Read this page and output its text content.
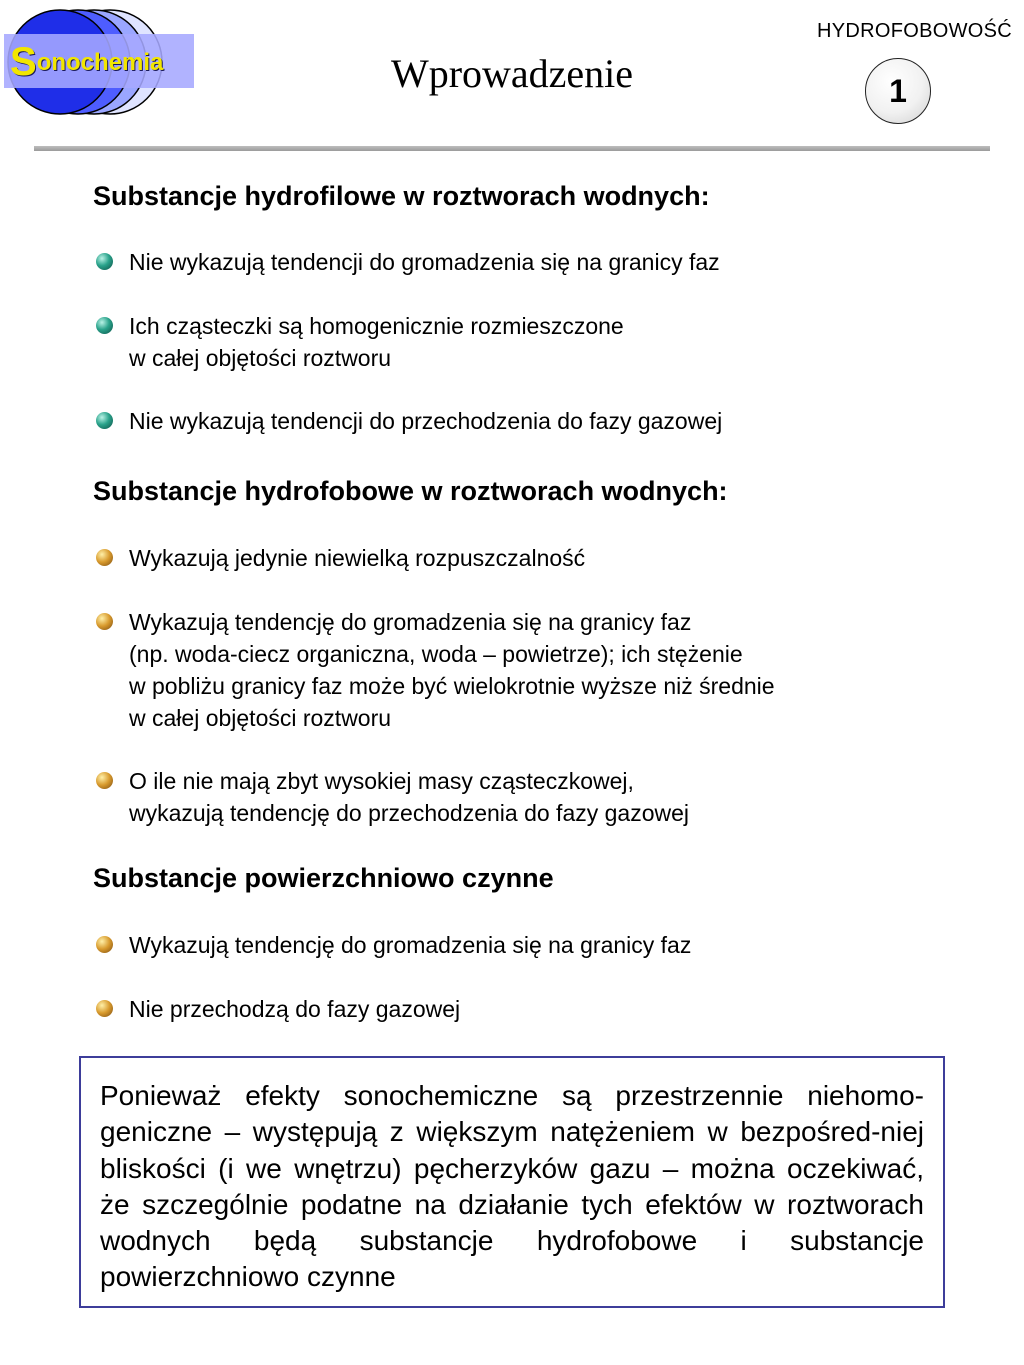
Sonochemia
HYDROFOBOWOŚĆ
Wprowadzenie	1
Substancje hydrofilowe w roztworach wodnych:
Nie wykazują tendencji do gromadzenia się na granicy faz
Ich cząsteczki są homogenicznie rozmieszczone
w całej objętości roztworu
Nie wykazują tendencji do przechodzenia do fazy gazowej
Substancje hydrofobowe w roztworach wodnych:
Wykazują jedynie niewielką rozpuszczalność
Wykazują tendencję do gromadzenia się na granicy faz
(np. woda-ciecz organiczna, woda – powietrze); ich stężenie
w pobliżu granicy faz może być wielokrotnie wyższe niż średnie
w całej objętości roztworu
O ile nie mają zbyt wysokiej masy cząsteczkowej,
wykazują tendencję do przechodzenia do fazy gazowej
Substancje powierzchniowo czynne
Wykazują tendencję do gromadzenia się na granicy faz
Nie przechodzą do fazy gazowej
Ponieważ efekty sonochemiczne są przestrzennie niehomo-geniczne – występują z większym natężeniem w bezpośred-niej bliskości (i we wnętrzu) pęcherzyków gazu – można oczekiwać, że szczególnie podatne na działanie tych efektów w roztworach wodnych będą substancje hydrofobowe i substancje powierzchniowo czynne
